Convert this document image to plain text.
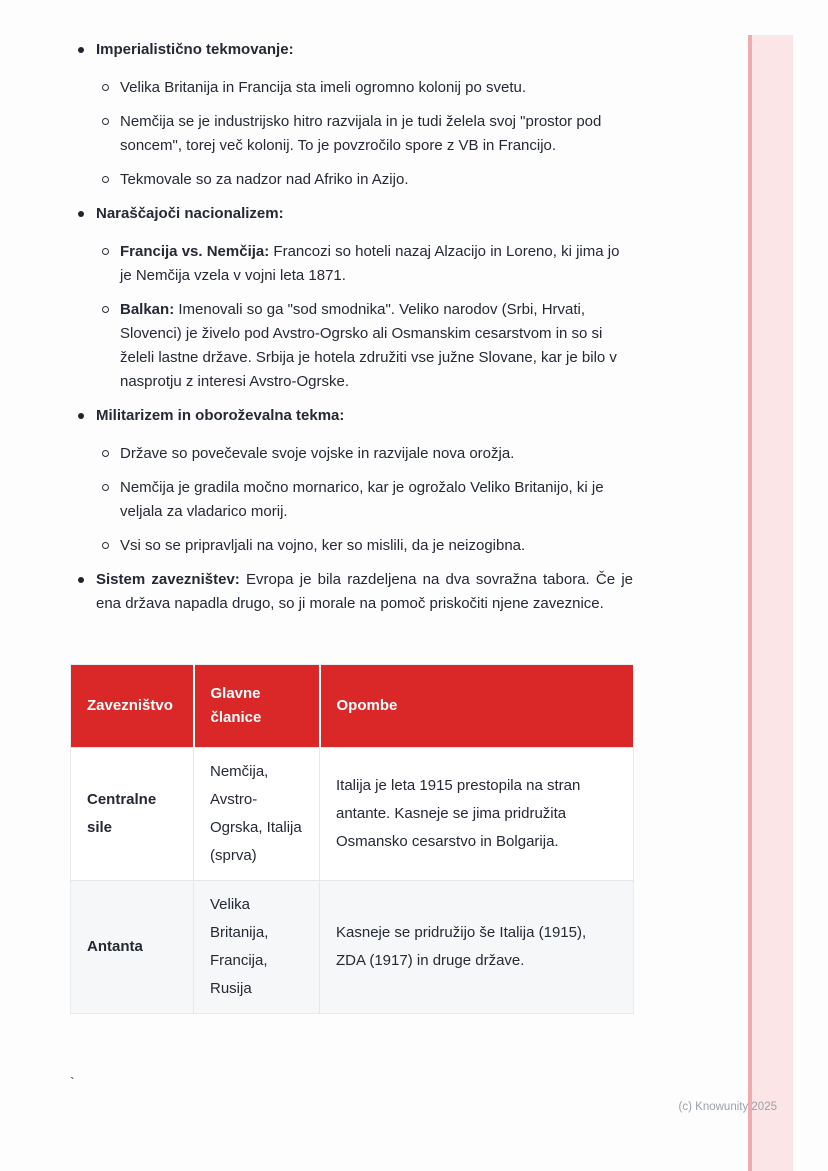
Imperialistično tekmovanje:
Velika Britanija in Francija sta imeli ogromno kolonij po svetu.
Nemčija se je industrijsko hitro razvijala in je tudi želela svoj "prostor pod soncem", torej več kolonij. To je povzročilo spore z VB in Francijo.
Tekmovale so za nadzor nad Afriko in Azijo.
Naraščajoči nacionalizem:
Francija vs. Nemčija: Francozi so hoteli nazaj Alzacijo in Loreno, ki jima jo je Nemčija vzela v vojni leta 1871.
Balkan: Imenovali so ga "sod smodnika". Veliko narodov (Srbi, Hrvati, Slovenci) je živelo pod Avstro-Ogrsko ali Osmanskim cesarstvom in so si želeli lastne države. Srbija je hotela združiti vse južne Slovane, kar je bilo v nasprotju z interesi Avstro-Ogrske.
Militarizem in oboroževalna tekma:
Države so povečevale svoje vojske in razvijale nova orožja.
Nemčija je gradila močno mornarico, kar je ogrožalo Veliko Britanijo, ki je veljala za vladarico morij.
Vsi so se pripravljali na vojno, ker so mislili, da je neizogibna.
Sistem zavezništev: Evropa je bila razdeljena na dva sovražna tabora. Če je ena država napadla drugo, so ji morale na pomoč priskočiti njene zaveznice.
Zavezništvo	Glavne članice	Opombe
Centralne sile	Nemčija, Avstro-Ogrska, Italija (sprva)	Italija je leta 1915 prestopila na stran antante. Kasneje se jima pridružita Osmansko cesarstvo in Bolgarija.
Antanta	Velika Britanija, Francija, Rusija	Kasneje se pridružijo še Italija (1915), ZDA (1917) in druge države.
`
(c) Knowunity 2025
